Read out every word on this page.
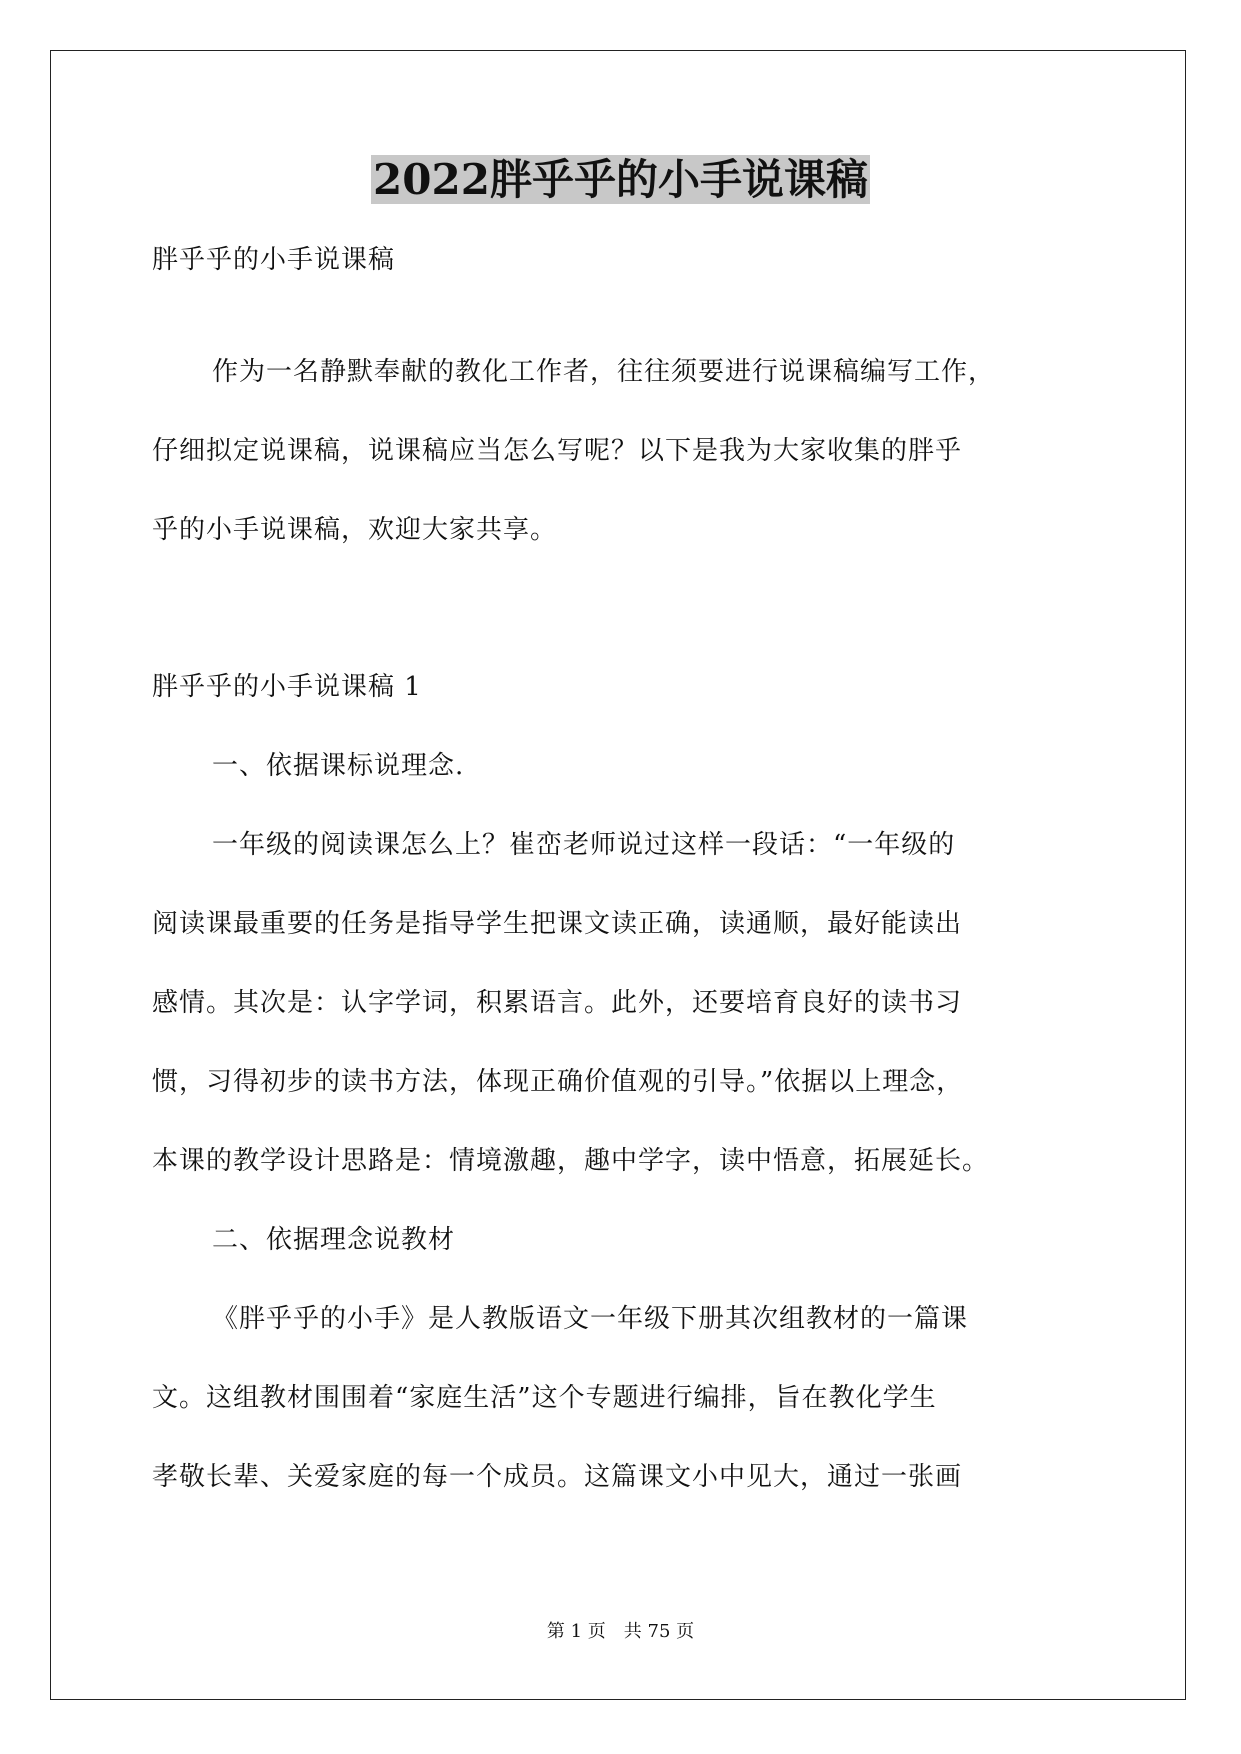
2022胖乎乎的小手说课稿
胖乎乎的小手说课稿
作为一名静默奉献的教化工作者，往往须要进行说课稿编写工作，
仔细拟定说课稿，说课稿应当怎么写呢？以下是我为大家收集的胖乎
乎的小手说课稿，欢迎大家共享。
胖乎乎的小手说课稿 1
一、依据课标说理念.
一年级的阅读课怎么上？崔峦老师说过这样一段话：“一年级的
阅读课最重要的任务是指导学生把课文读正确，读通顺，最好能读出
感情。其次是：认字学词，积累语言。此外，还要培育良好的读书习
惯，习得初步的读书方法，体现正确价值观的引导。”依据以上理念，
本课的教学设计思路是：情境激趣，趣中学字，读中悟意，拓展延长。
二、依据理念说教材
《胖乎乎的小手》是人教版语文一年级下册其次组教材的一篇课
文。这组教材围围着“家庭生活”这个专题进行编排，旨在教化学生
孝敬长辈、关爱家庭的每一个成员。这篇课文小中见大，通过一张画
第 1 页　共 75 页
